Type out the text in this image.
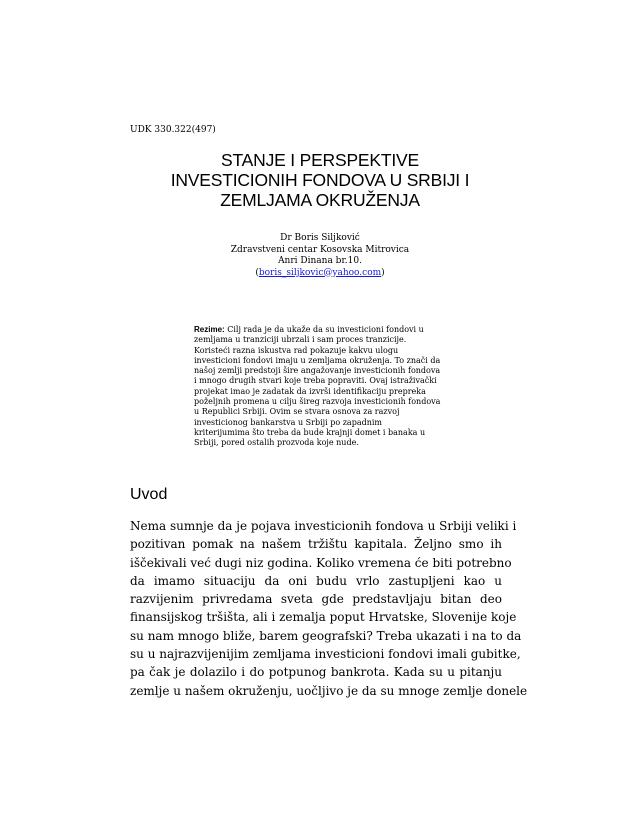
UDK 330.322(497)
STANJE I PERSPEKTIVE
INVESTICIONIH FONDOVA U SRBIJI I
ZEMLJAMA OKRUŽENJA
Dr Boris Siljković
Zdravstveni centar Kosovska Mitrovica
Anri Dinana br.10.
(boris_siljkovic@yahoo.com)
Rezime: Cilj rada je da ukaže da su investicioni fondovi u
zemljama u tranziciji ubrzali i sam proces tranzicije.
Koristeći razna iskustva rad pokazuje kakvu ulogu
investicioni fondovi imaju u zemljama okruženja. To znači da
našoj zemlji predstoji šire angažovanje investicionih fondova
i mnogo drugih stvari koje treba popraviti. Ovaj istraživački
projekat imao je zadatak da izvrši identifikaciju prepreka
poželjnih promena u cilju šireg razvoja investicionih fondova
u Republici Srbiji. Ovim se stvara osnova za razvoj
investicionog bankarstva u Srbiji po zapadnim
kriterijumima što treba da bude krajnji domet i banaka u
Srbiji, pored ostalih prozvoda koje nude.
Uvod
Nema sumnje da je pojava investicionih fondova u Srbiji veliki i
pozitivan pomak na našem tržištu kapitala. Željno smo ih
iščekivali već dugi niz godina. Koliko vremena će biti potrebno
da imamo situaciju da oni budu vrlo zastupljeni kao u
razvijenim privredama sveta gde predstavljaju bitan deo
finansijskog tršišta, ali i zemalja poput Hrvatske, Slovenije koje
su nam mnogo bliže, barem geografski? Treba ukazati i na to da
su u najrazvijenijim zemljama investicioni fondovi imali gubitke,
pa čak je dolazilo i do potpunog bankrota. Kada su u pitanju
zemlje u našem okruženju, uočljivo je da su mnoge zemlje donele
